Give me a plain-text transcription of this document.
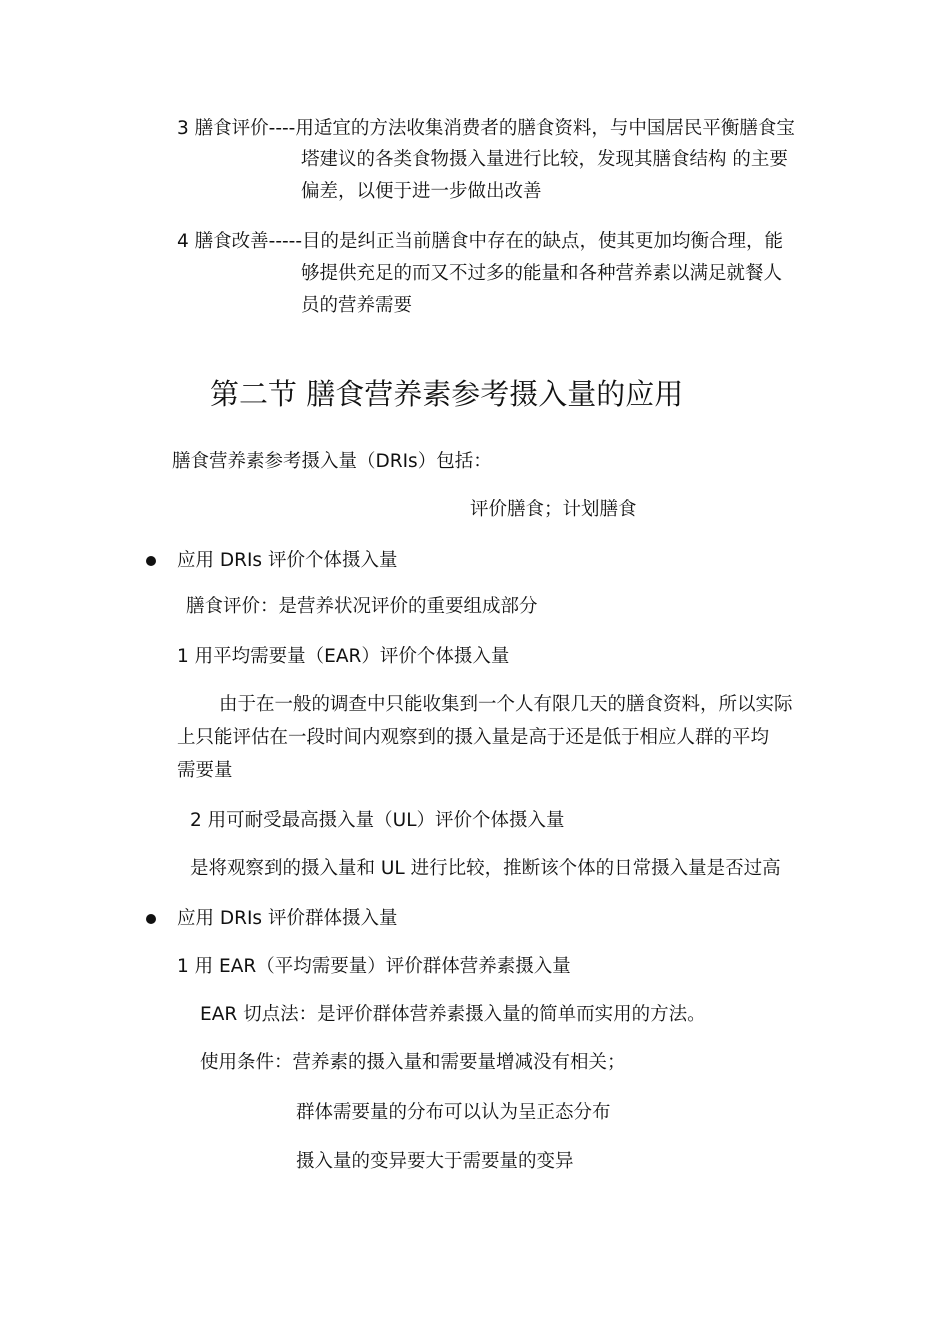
3 膳食评价----用适宜的方法收集消费者的膳食资料，与中国居民平衡膳食宝
塔建议的各类食物摄入量进行比较，发现其膳食结构 的主要
偏差，以便于进一步做出改善
4 膳食改善-----目的是纠正当前膳食中存在的缺点，使其更加均衡合理，能
够提供充足的而又不过多的能量和各种营养素以满足就餐人
员的营养需要
第二节 膳食营养素参考摄入量的应用
膳食营养素参考摄入量（DRIs）包括：
评价膳食；计划膳食
应用 DRIs 评价个体摄入量
膳食评价：是营养状况评价的重要组成部分
1 用平均需要量（EAR）评价个体摄入量
由于在一般的调查中只能收集到一个人有限几天的膳食资料，所以实际
上只能评估在一段时间内观察到的摄入量是高于还是低于相应人群的平均
需要量
2 用可耐受最高摄入量（UL）评价个体摄入量
是将观察到的摄入量和 UL 进行比较，推断该个体的日常摄入量是否过高
应用 DRIs 评价群体摄入量
1 用 EAR（平均需要量）评价群体营养素摄入量
EAR 切点法：是评价群体营养素摄入量的简单而实用的方法。
使用条件：营养素的摄入量和需要量增减没有相关；
群体需要量的分布可以认为呈正态分布
摄入量的变异要大于需要量的变异
